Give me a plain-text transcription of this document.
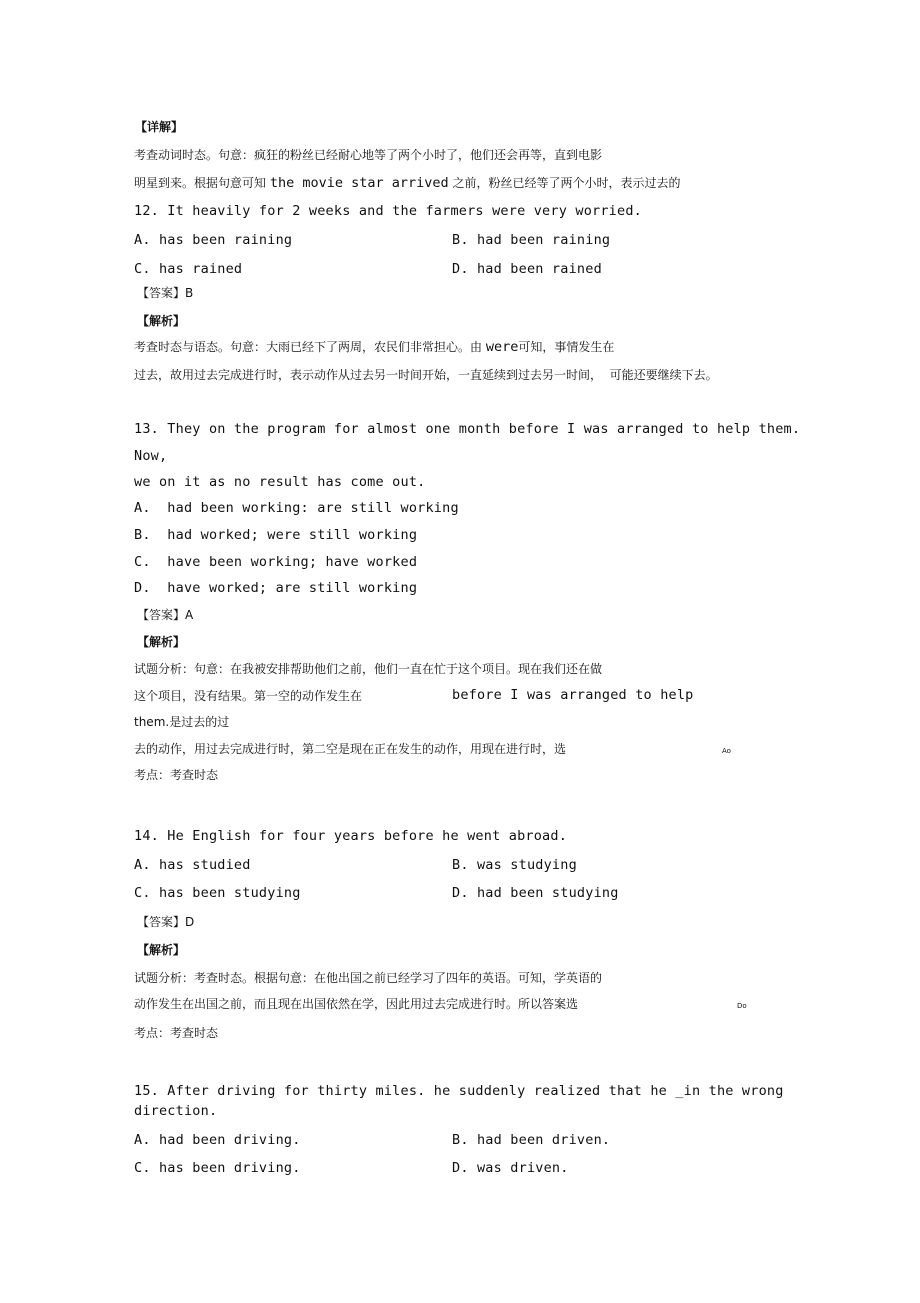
【详解】
考查动词时态。句意：疯狂的粉丝已经耐心地等了两个小时了，他们还会再等，直到电影
明星到来。根据句意可知 the movie star arrived 之前，粉丝已经等了两个小时，表示过去的
12. It heavily for 2 weeks and the farmers were very worried.
A. has been raining	B. had been raining
C. has rained	D. had been rained
【答案】B
【解析】
考查时态与语态。句意：大雨已经下了两周，农民们非常担心。由 were可知，事情发生在
过去，故用过去完成进行时，表示动作从过去另一时间开始，一直延续到过去另一时间，  可能还要继续下去。
13. They on the program for almost one month before I was arranged to help them.
Now,
we on it as no result has come out.
A.  had been working: are still working
B.  had worked; were still working
C.  have been working; have worked
D.  have worked; are still working
【答案】A
【解析】
试题分析：句意：在我被安排帮助他们之前，他们一直在忙于这个项目。现在我们还在做
这个项目，没有结果。第一空的动作发生在	before I was arranged to help
them.是过去的过
去的动作，用过去完成进行时，第二空是现在正在发生的动作，用现在进行时，选	Ao
考点：考查时态
14. He English for four years before he went abroad.
A. has studied	B. was studying
C. has been studying	D. had been studying
【答案】D
【解析】
试题分析：考查时态。根据句意：在他出国之前已经学习了四年的英语。可知，学英语的
动作发生在出国之前，而且现在出国依然在学，因此用过去完成进行时。所以答案选	Do
考点：考查时态
15. After driving for thirty miles. he suddenly realized that he _in the wrong
direction.
A. had been driving.	B. had been driven.
C. has been driving.	D. was driven.
